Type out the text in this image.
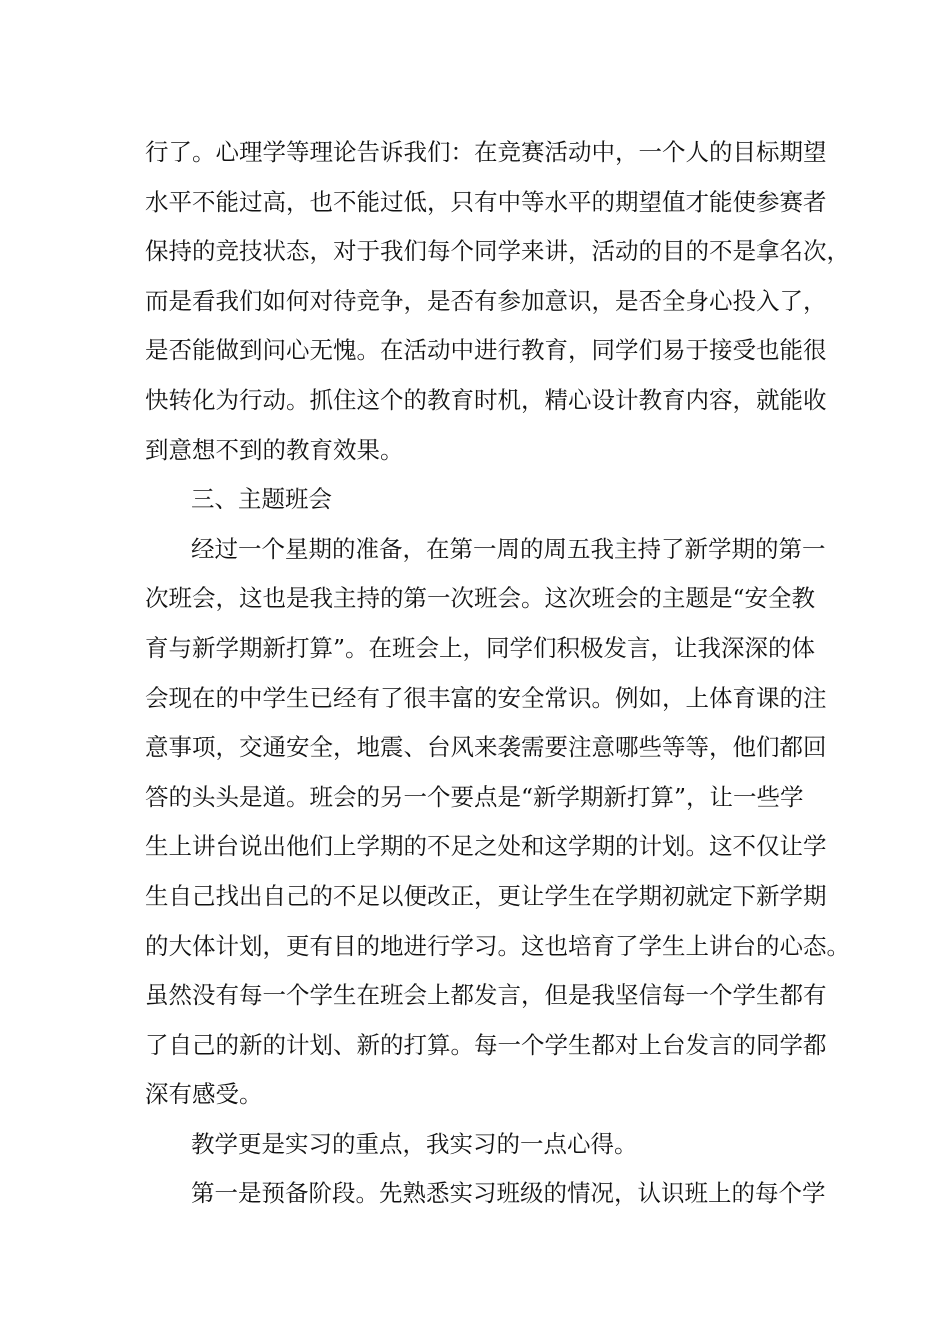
行了。心理学等理论告诉我们：在竞赛活动中，一个人的目标期望
水平不能过高，也不能过低，只有中等水平的期望值才能使参赛者
保持的竞技状态，对于我们每个同学来讲，活动的目的不是拿名次，
而是看我们如何对待竞争，是否有参加意识，是否全身心投入了，
是否能做到问心无愧。在活动中进行教育，同学们易于接受也能很
快转化为行动。抓住这个的教育时机，精心设计教育内容，就能收
到意想不到的教育效果。
三、主题班会
经过一个星期的准备，在第一周的周五我主持了新学期的第一
次班会，这也是我主持的第一次班会。这次班会的主题是“安全教
育与新学期新打算”。在班会上，同学们积极发言，让我深深的体
会现在的中学生已经有了很丰富的安全常识。例如，上体育课的注
意事项，交通安全，地震、台风来袭需要注意哪些等等，他们都回
答的头头是道。班会的另一个要点是“新学期新打算”，让一些学
生上讲台说出他们上学期的不足之处和这学期的计划。这不仅让学
生自己找出自己的不足以便改正，更让学生在学期初就定下新学期
的大体计划，更有目的地进行学习。这也培育了学生上讲台的心态。
虽然没有每一个学生在班会上都发言，但是我坚信每一个学生都有
了自己的新的计划、新的打算。每一个学生都对上台发言的同学都
深有感受。
教学更是实习的重点，我实习的一点心得。
第一是预备阶段。先熟悉实习班级的情况，认识班上的每个学
